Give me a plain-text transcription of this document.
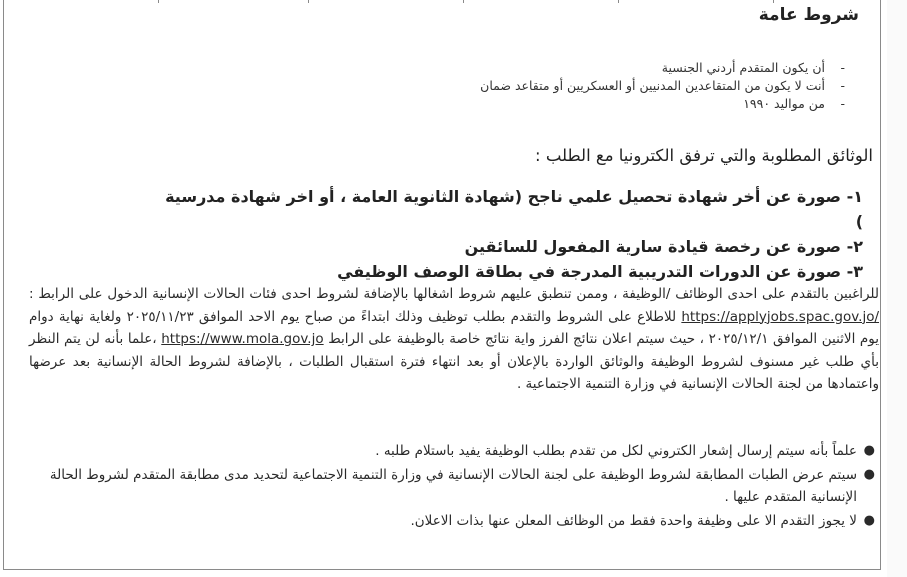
شروط عامة
-
أن يكون المتقدم أردني الجنسية
-
أنت لا يكون من المتقاعدين المدنيين أو العسكريين أو متقاعد ضمان
-
من مواليد ١٩٩٠
الوثائق المطلوبة والتي ترفق الكترونيا مع الطلب :
١- صورة عن أخر شهادة تحصيل علمي ناجح (شهادة الثانوية العامة ، أو اخر شهادة مدرسية )
٢- صورة عن رخصة قيادة سارية المفعول للسائقين
٣- صورة عن الدورات التدريبية المدرجة في بطاقة الوصف الوظيفي
للراغبين بالتقدم على احدى الوظائف /الوظيفة ، وممن تنطبق عليهم شروط اشغالها بالإضافة لشروط احدى فئات الحالات الإنسانية الدخول على الرابط : https://applyjobs.spac.gov.jo/ للاطلاع على الشروط والتقدم بطلب توظيف وذلك ابتداءً من صباح يوم الاحد الموافق ٢٠٢٥/١١/٢٣ ولغاية نهاية دوام يوم الاثنين الموافق ٢٠٢٥/١٢/١ ، حيث سيتم اعلان نتائج الفرز واية نتائج خاصة بالوظيفة على الرابط https://www.mola.gov.jo ،علما بأنه لن يتم النظر بأي طلب غير مسنوف لشروط الوظيفة والوثائق الواردة بالإعلان أو بعد انتهاء فترة استقبال الطلبات ، بالإضافة لشروط الحالة الإنسانية بعد عرضها واعتمادها من لجنة الحالات الإنسانية في وزارة التنمية الاجتماعية .
●
علماً بأنه سيتم إرسال إشعار الكتروني لكل من تقدم بطلب الوظيفة يفيد باستلام طلبه .
●
سيتم عرض الطبات المطابقة لشروط الوظيفة على لجنة الحالات الإنسانية في وزارة التنمية الاجتماعية لتحديد مدى مطابقة المتقدم لشروط الحالة الإنسانية المتقدم عليها .
●
لا يجوز التقدم الا على وظيفة واحدة فقط من الوظائف المعلن عنها بذات الاعلان.
